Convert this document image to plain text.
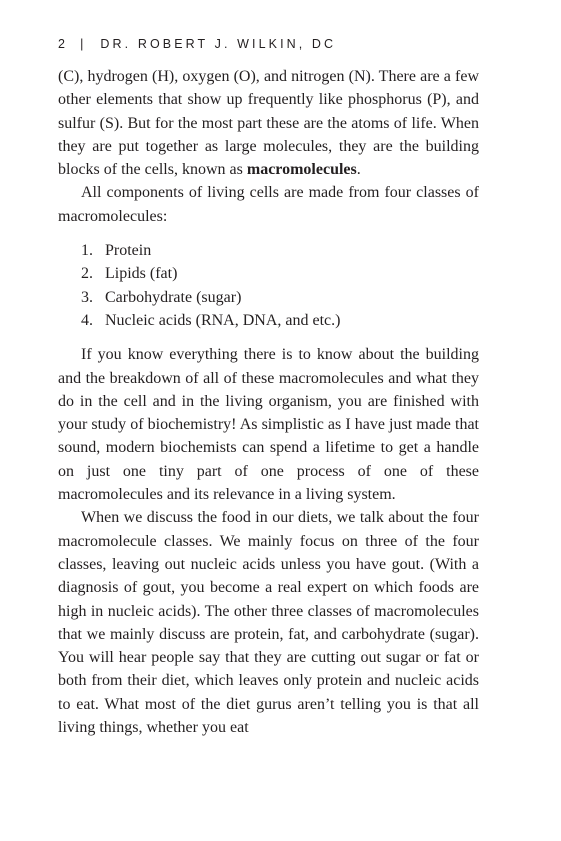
2 | DR. ROBERT J. WILKIN, DC

(C), hydrogen (H), oxygen (O), and nitrogen (N). There are a few other elements that show up frequently like phosphorus (P), and sulfur (S). But for the most part these are the atoms of life. When they are put together as large molecules, they are the building blocks of the cells, known as macromolecules.

All components of living cells are made from four classes of macromolecules:

1. Protein
2. Lipids (fat)
3. Carbohydrate (sugar)
4. Nucleic acids (RNA, DNA, and etc.)

If you know everything there is to know about the building and the breakdown of all of these macromolecules and what they do in the cell and in the living organism, you are finished with your study of biochemistry! As simplistic as I have just made that sound, modern biochemists can spend a lifetime to get a handle on just one tiny part of one process of one of these macromolecules and its relevance in a living system.

When we discuss the food in our diets, we talk about the four macromolecule classes. We mainly focus on three of the four classes, leaving out nucleic acids unless you have gout. (With a diagnosis of gout, you become a real expert on which foods are high in nucleic acids). The other three classes of macromolecules that we mainly discuss are protein, fat, and carbohydrate (sugar). You will hear people say that they are cutting out sugar or fat or both from their diet, which leaves only protein and nucleic acids to eat. What most of the diet gurus aren’t telling you is that all living things, whether you eat
